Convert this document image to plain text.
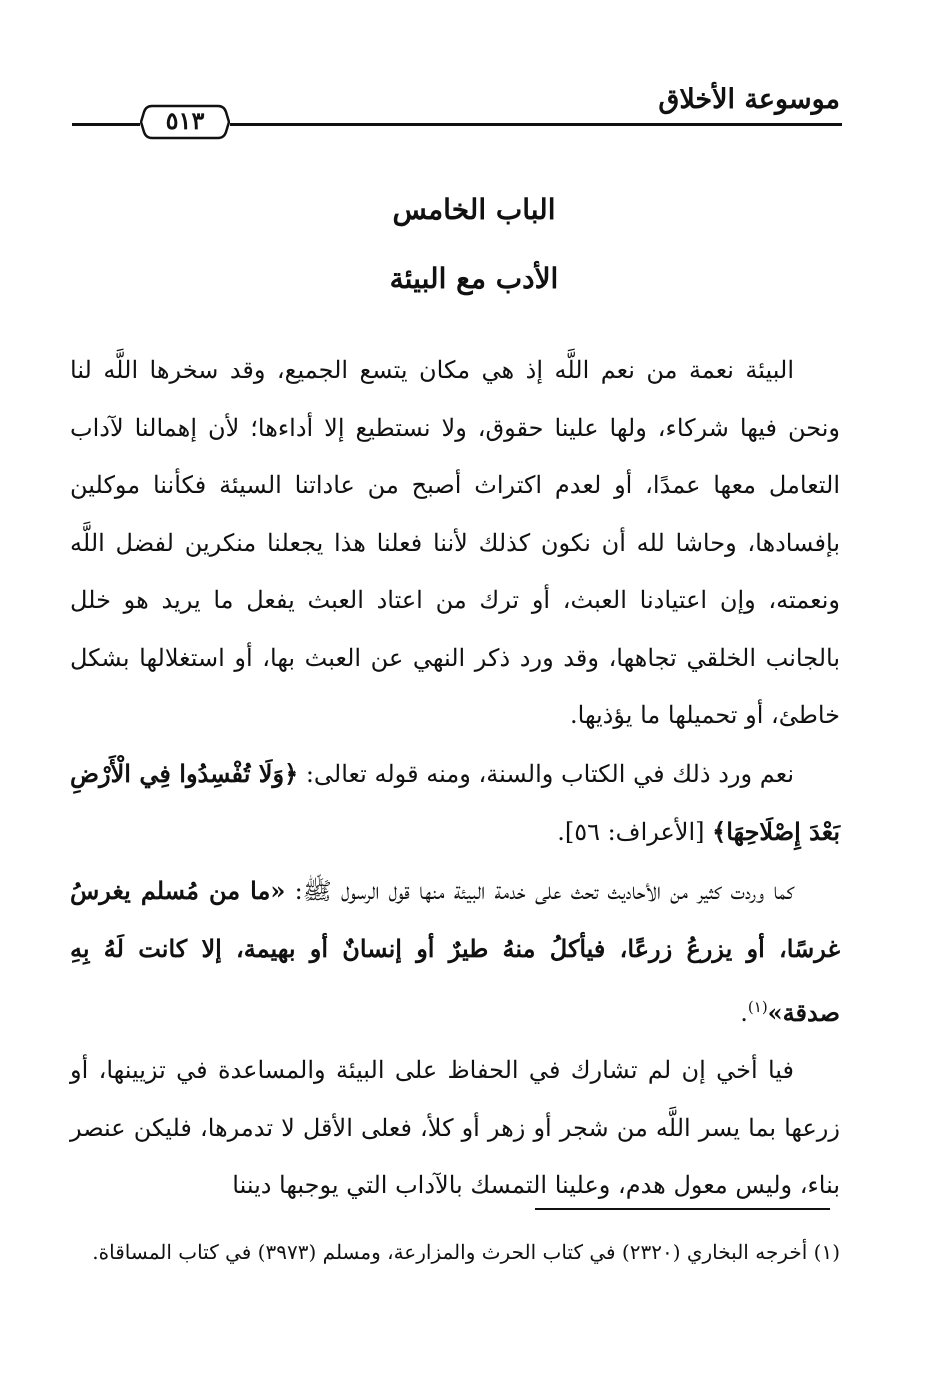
موسوعة الأخلاق
٥١٣
الباب الخامس
الأدب مع البيئة

البيئة نعمة من نعم اللَّه إذ هي مكان يتسع الجميع، وقد سخرها اللَّه لنا ونحن فيها شركاء، ولها علينا حقوق، ولا نستطيع إلا أداءها؛ لأن إهمالنا لآداب التعامل معها عمدًا، أو لعدم اكتراث أصبح من عاداتنا السيئة فكأننا موكلين بإفسادها، وحاشا لله أن نكون كذلك لأننا فعلنا هذا يجعلنا منكرين لفضل اللَّه ونعمته، وإن اعتيادنا العبث، أو ترك من اعتاد العبث يفعل ما يريد هو خلل بالجانب الخلقي تجاهها، وقد ورد ذكر النهي عن العبث بها، أو استغلالها بشكل خاطئ، أو تحميلها ما يؤذيها.

نعم ورد ذلك في الكتاب والسنة، ومنه قوله تعالى: ﴿وَلَا تُفْسِدُوا فِي الْأَرْضِ بَعْدَ إِصْلَاحِهَا﴾ [الأعراف: ٥٦].

كما وردت كثير من الأحاديث تحث على خدمة البيئة منها قول الرسول ﷺ: «ما من مُسلم يغرسُ غرسًا، أو يزرعُ زرعًا، فيأكلُ منهُ طيرٌ أو إنسانٌ أو بهيمة، إلا كانت لَهُ بِهِ صدقة»$^{(١)}$.

فيا أخي إن لم تشارك في الحفاظ على البيئة والمساعدة في تزيينها، أو زرعها بما يسر اللَّه من شجر أو زهر أو كلأ، فعلى الأقل لا تدمرها، فليكن عنصر بناء، وليس معول هدم، وعلينا التمسك بالآداب التي يوجبها ديننا

(١) أخرجه البخاري (٢٣٢٠) في كتاب الحرث والمزارعة، ومسلم (٣٩٧٣) في كتاب المساقاة.
